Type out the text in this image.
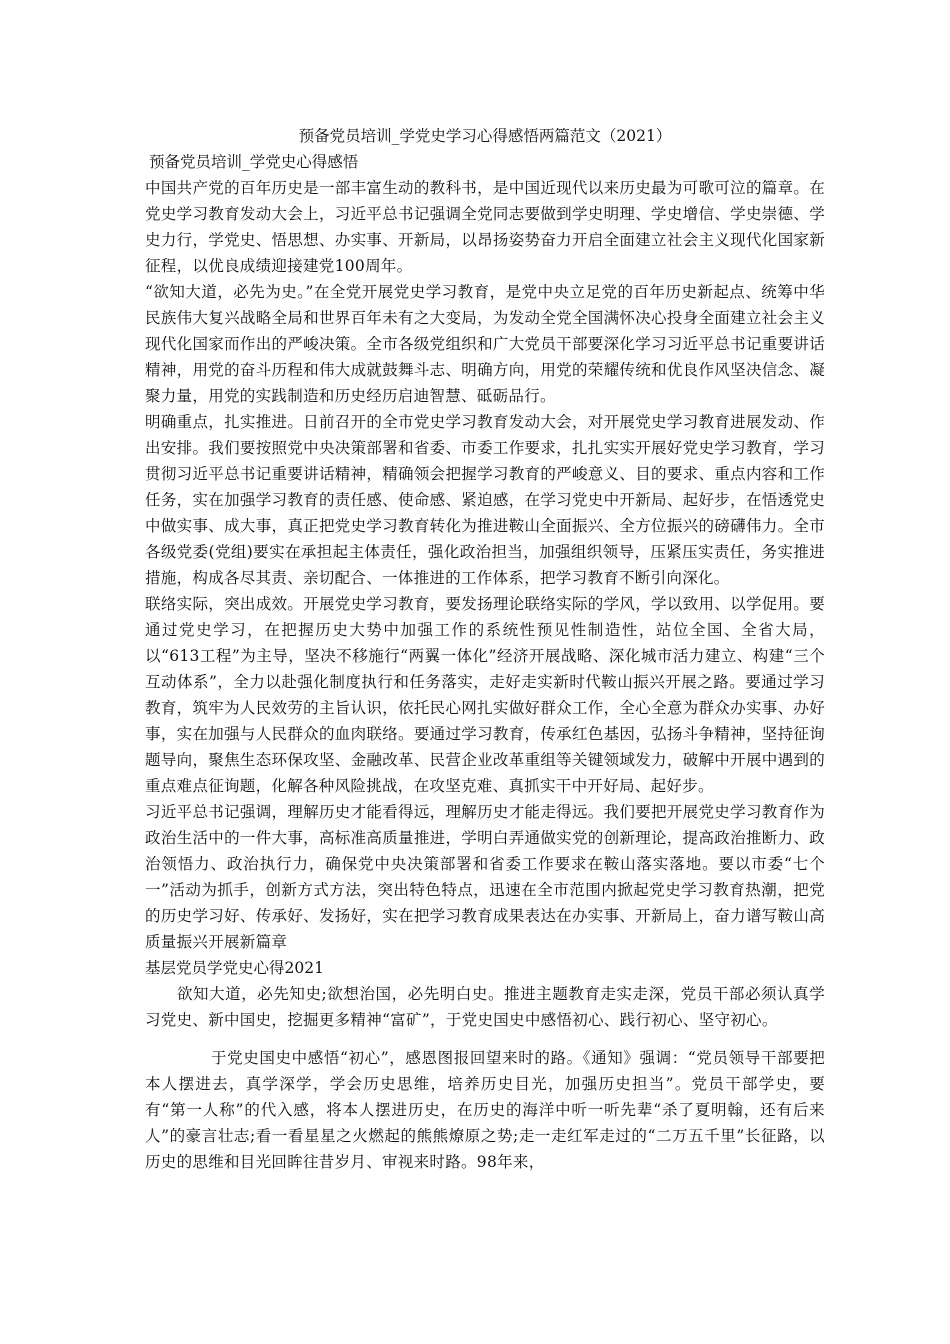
预备党员培训_学党史学习心得感悟两篇范文（2021）

预备党员培训_学党史心得感悟

中国共产党的百年历史是一部丰富生动的教科书，是中国近现代以来历史最为可歌可泣的篇章。在党史学习教育发动大会上，习近平总书记强调全党同志要做到学史明理、学史增信、学史崇德、学史力行，学党史、悟思想、办实事、开新局，以昂扬姿势奋力开启全面建立社会主义现代化国家新征程，以优良成绩迎接建党100周年。

“欲知大道，必先为史。”在全党开展党史学习教育，是党中央立足党的百年历史新起点、统筹中华民族伟大复兴战略全局和世界百年未有之大变局，为发动全党全国满怀决心投身全面建立社会主义现代化国家而作出的严峻决策。全市各级党组织和广大党员干部要深化学习习近平总书记重要讲话精神，用党的奋斗历程和伟大成就鼓舞斗志、明确方向，用党的荣耀传统和优良作风坚决信念、凝聚力量，用党的实践制造和历史经历启迪智慧、砥砺品行。

明确重点，扎实推进。日前召开的全市党史学习教育发动大会，对开展党史学习教育进展发动、作出安排。我们要按照党中央决策部署和省委、市委工作要求，扎扎实实开展好党史学习教育，学习贯彻习近平总书记重要讲话精神，精确领会把握学习教育的严峻意义、目的要求、重点内容和工作任务，实在加强学习教育的责任感、使命感、紧迫感，在学习党史中开新局、起好步，在悟透党史中做实事、成大事，真正把党史学习教育转化为推进鞍山全面振兴、全方位振兴的磅礴伟力。全市各级党委(党组)要实在承担起主体责任，强化政治担当，加强组织领导，压紧压实责任，务实推进措施，构成各尽其责、亲切配合、一体推进的工作体系，把学习教育不断引向深化。

联络实际，突出成效。开展党史学习教育，要发扬理论联络实际的学风，学以致用、以学促用。要通过党史学习，在把握历史大势中加强工作的系统性预见性制造性，站位全国、全省大局，以“613工程”为主导，坚决不移施行“两翼一体化”经济开展战略、深化城市活力建立、构建“三个互动体系”，全力以赴强化制度执行和任务落实，走好走实新时代鞍山振兴开展之路。要通过学习教育，筑牢为人民效劳的主旨认识，依托民心网扎实做好群众工作，全心全意为群众办实事、办好事，实在加强与人民群众的血肉联络。要通过学习教育，传承红色基因，弘扬斗争精神，坚持征询题导向，聚焦生态环保攻坚、金融改革、民营企业改革重组等关键领域发力，破解中开展中遇到的重点难点征询题，化解各种风险挑战，在攻坚克难、真抓实干中开好局、起好步。

习近平总书记强调，理解历史才能看得远，理解历史才能走得远。我们要把开展党史学习教育作为政治生活中的一件大事，高标准高质量推进，学明白弄通做实党的创新理论，提高政治推断力、政治领悟力、政治执行力，确保党中央决策部署和省委工作要求在鞍山落实落地。要以市委“七个一”活动为抓手，创新方式方法，突出特色特点，迅速在全市范围内掀起党史学习教育热潮，把党的历史学习好、传承好、发扬好，实在把学习教育成果表达在办实事、开新局上，奋力谱写鞍山高质量振兴开展新篇章

基层党员学党史心得2021

欲知大道，必先知史;欲想治国，必先明白史。推进主题教育走实走深，党员干部必须认真学习党史、新中国史，挖掘更多精神“富矿”，于党史国史中感悟初心、践行初心、坚守初心。

于党史国史中感悟“初心”，感恩图报回望来时的路。《通知》强调：“党员领导干部要把本人摆进去，真学深学，学会历史思维，培养历史目光，加强历史担当”。党员干部学史，要有“第一人称”的代入感，将本人摆进历史，在历史的海洋中听一听先辈“杀了夏明翰，还有后来人”的豪言壮志;看一看星星之火燃起的熊熊燎原之势;走一走红军走过的“二万五千里”长征路，以历史的思维和目光回眸往昔岁月、审视来时路。98年来，
